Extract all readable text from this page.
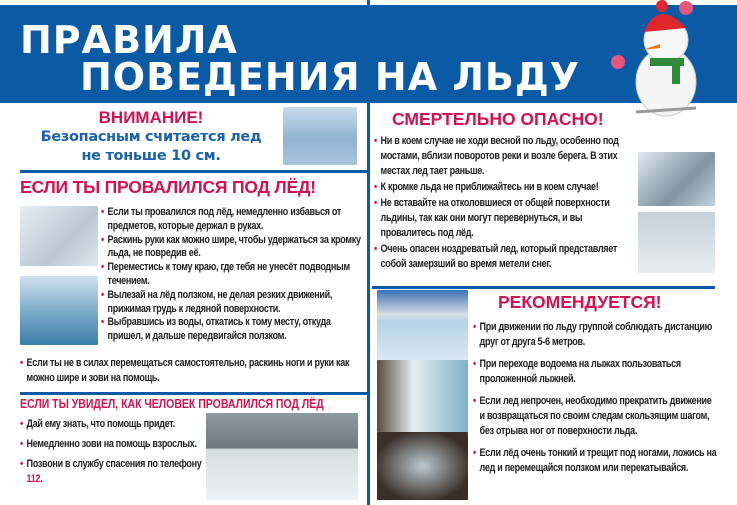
ПРАВИЛА
ПОВЕДЕНИЯ НА ЛЬДУ
ВНИМАНИЕ!
Безопасным считается лед
не тоньше 10 см.
ЕСЛИ ТЫ ПРОВАЛИЛСЯ ПОД ЛЁД!
• Если ты провалился под лёд, немедленно избавься от предметов, которые держал в руках.
• Раскинь руки как можно шире, чтобы удержаться за кромку льда, не повредив её.
• Переместись к тому краю, где тебя не унесёт подводным течением.
• Вылезай на лёд ползком, не делая резких движений, прижимая грудь к ледяной поверхности.
• Выбравшись из воды, откатись к тому месту, откуда пришел, и дальше передвигайся ползком.
• Если ты не в силах перемещаться самостоятельно, раскинь ноги и руки как можно шире и зови на помощь.
ЕСЛИ ТЫ УВИДЕЛ, КАК ЧЕЛОВЕК ПРОВАЛИЛСЯ ПОД ЛЁД
• Дай ему знать, что помощь придет.
• Немедленно зови на помощь взрослых.
• Позвони в службу спасения по телефону 112.
СМЕРТЕЛЬНО ОПАСНО!
• Ни в коем случае не ходи весной по льду, особенно под мостами, вблизи поворотов реки и возле берега. В этих местах лед тает раньше.
• К кромке льда не приближайтесь ни в коем случае!
• Не вставайте на отколовшиеся от общей поверхности льдины, так как они могут перевернуться, и вы провалитесь под лёд.
• Очень опасен ноздреватый лед, который представляет собой замерзший во время метели снег.
РЕКОМЕНДУЕТСЯ!
• При движении по льду группой соблюдать дистанцию друг от друга 5-6 метров.
• При переходе водоема на лыжах пользоваться проложенной лыжней.
• Если лед непрочен, необходимо прекратить движение и возвращаться по своим следам скользящим шагом, без отрыва ног от поверхности льда.
• Если лёд очень тонкий и трещит под ногами, ложись на лед и перемещайся ползком или перекатывайся.
